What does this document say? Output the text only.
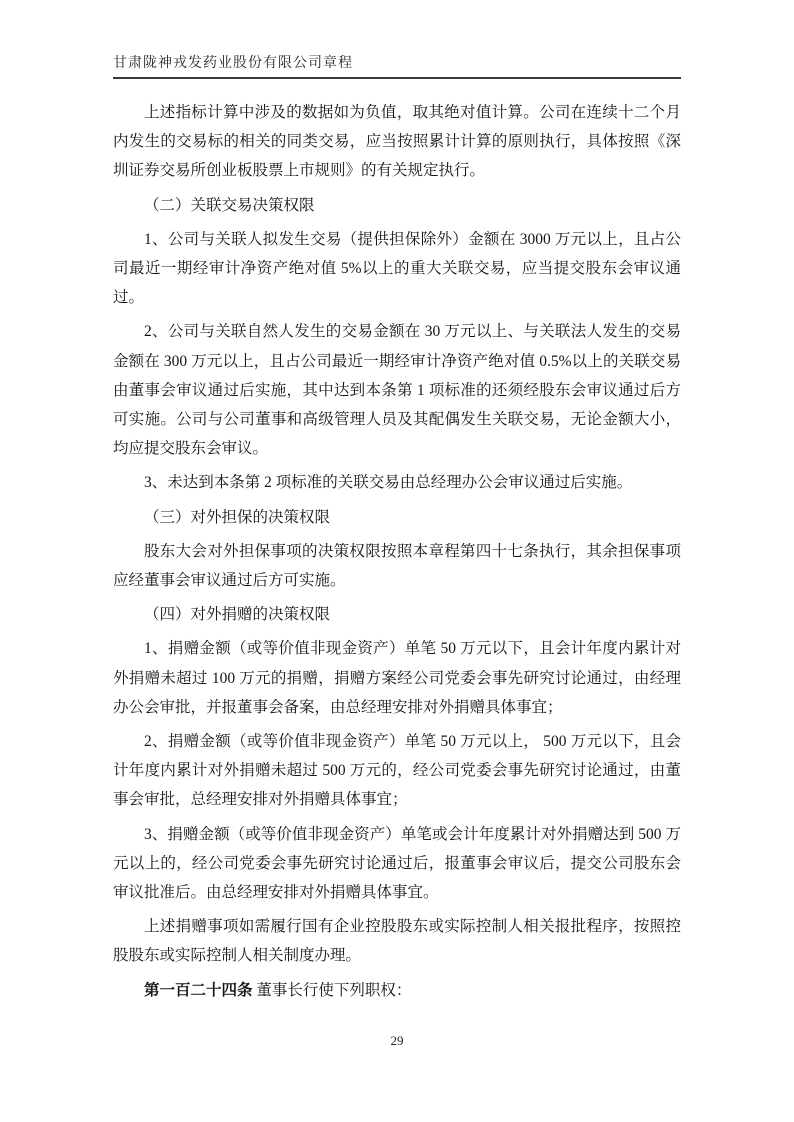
甘肃陇神戎发药业股份有限公司章程

上述指标计算中涉及的数据如为负值，取其绝对值计算。公司在连续十二个月内发生的交易标的相关的同类交易，应当按照累计计算的原则执行，具体按照《深圳证券交易所创业板股票上市规则》的有关规定执行。

（二）关联交易决策权限

1、公司与关联人拟发生交易（提供担保除外）金额在 3000 万元以上，且占公司最近一期经审计净资产绝对值 5%以上的重大关联交易，应当提交股东会审议通过。

2、公司与关联自然人发生的交易金额在 30 万元以上、与关联法人发生的交易金额在 300 万元以上，且占公司最近一期经审计净资产绝对值 0.5%以上的关联交易由董事会审议通过后实施，其中达到本条第 1 项标准的还须经股东会审议通过后方可实施。公司与公司董事和高级管理人员及其配偶发生关联交易，无论金额大小，均应提交股东会审议。

3、未达到本条第 2 项标准的关联交易由总经理办公会审议通过后实施。

（三）对外担保的决策权限

股东大会对外担保事项的决策权限按照本章程第四十七条执行，其余担保事项应经董事会审议通过后方可实施。

（四）对外捐赠的决策权限

1、捐赠金额（或等价值非现金资产）单笔 50 万元以下，且会计年度内累计对外捐赠未超过 100 万元的捐赠，捐赠方案经公司党委会事先研究讨论通过，由经理办公会审批，并报董事会备案，由总经理安排对外捐赠具体事宜；

2、捐赠金额（或等价值非现金资产）单笔 50 万元以上， 500 万元以下，且会计年度内累计对外捐赠未超过 500 万元的，经公司党委会事先研究讨论通过，由董事会审批，总经理安排对外捐赠具体事宜；

3、捐赠金额（或等价值非现金资产）单笔或会计年度累计对外捐赠达到 500 万元以上的，经公司党委会事先研究讨论通过后，报董事会审议后，提交公司股东会审议批准后。由总经理安排对外捐赠具体事宜。

上述捐赠事项如需履行国有企业控股股东或实际控制人相关报批程序，按照控股股东或实际控制人相关制度办理。

第一百二十四条 董事长行使下列职权：

29
